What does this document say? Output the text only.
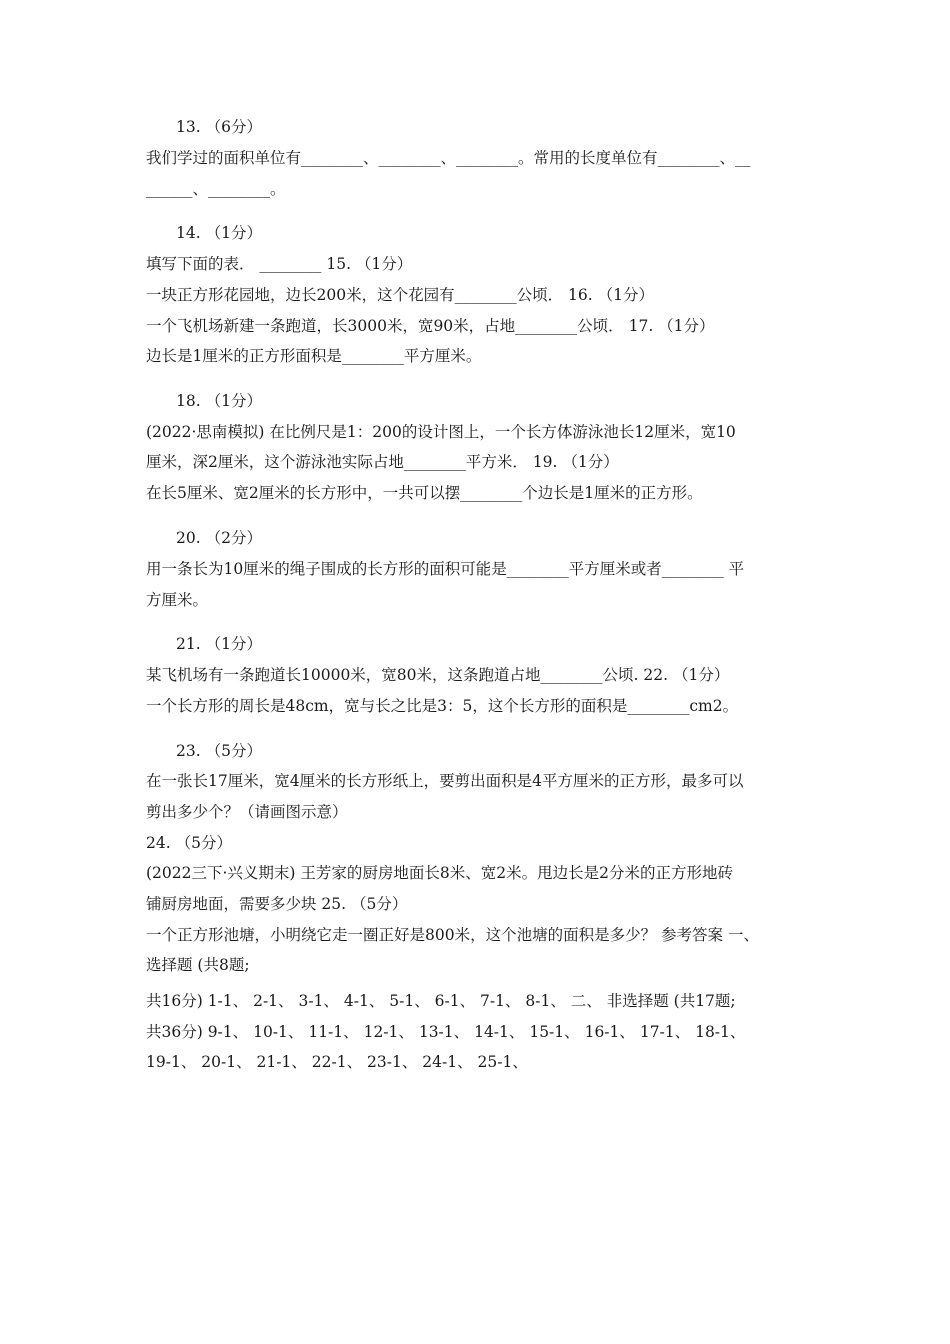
13. （6分）
我们学过的面积单位有________、________、________。常用的长度单位有________、__
______、________。
14. （1分）
填写下面的表． ________ 15. （1分）
一块正方形花园地，边长200米，这个花园有________公顷． 16. （1分）
一个飞机场新建一条跑道，长3000米，宽90米，占地________公顷． 17. （1分）
边长是1厘米的正方形面积是________平方厘米。
18. （1分）
(2022·思南模拟) 在比例尺是1：200的设计图上，一个长方体游泳池长12厘米，宽10
厘米，深2厘米，这个游泳池实际占地________平方米． 19. （1分）
在长5厘米、宽2厘米的长方形中，一共可以摆________个边长是1厘米的正方形。
20. （2分）
用一条长为10厘米的绳子围成的长方形的面积可能是________平方厘米或者________ 平
方厘米。
21. （1分）
某飞机场有一条跑道长10000米，宽80米，这条跑道占地________公顷. 22. （1分）
一个长方形的周长是48cm，宽与长之比是3：5，这个长方形的面积是________cm2。
23. （5分）
在一张长17厘米，宽4厘米的长方形纸上，要剪出面积是4平方厘米的正方形，最多可以
剪出多少个？（请画图示意）
24. （5分）
(2022三下·兴义期末) 王芳家的厨房地面长8米、宽2米。甩边长是2分米的正方形地砖
铺厨房地面，需要多少块 25. （5分）
一个正方形池塘，小明绕它走一圈正好是800米，这个池塘的面积是多少？ 参考答案 一、
选择题 (共8题;
共16分) 1-1、 2-1、 3-1、 4-1、 5-1、 6-1、 7-1、 8-1、 二、 非选择题 (共17题;
共36分) 9-1、 10-1、 11-1、 12-1、 13-1、 14-1、 15-1、 16-1、 17-1、 18-1、
19-1、 20-1、 21-1、 22-1、 23-1、 24-1、 25-1、
